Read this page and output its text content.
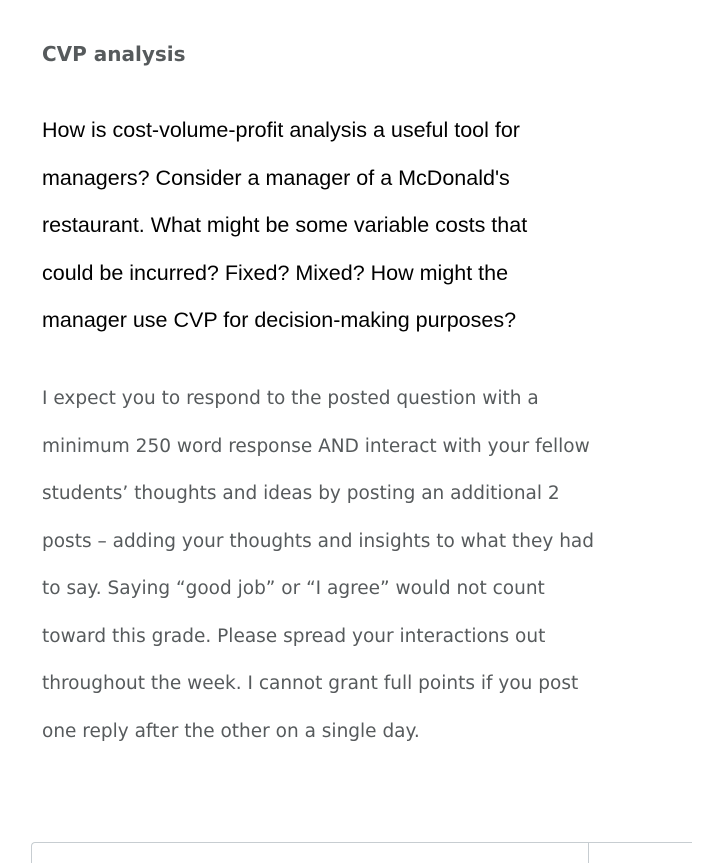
CVP analysis

How is cost-volume-profit analysis a useful tool for
managers? Consider a manager of a McDonald's
restaurant. What might be some variable costs that
could be incurred? Fixed? Mixed? How might the
manager use CVP for decision-making purposes?

I expect you to respond to the posted question with a
minimum 250 word response AND interact with your fellow
students’ thoughts and ideas by posting an additional 2
posts – adding your thoughts and insights to what they had
to say. Saying “good job” or “I agree” would not count
toward this grade. Please spread your interactions out
throughout the week. I cannot grant full points if you post
one reply after the other on a single day.
